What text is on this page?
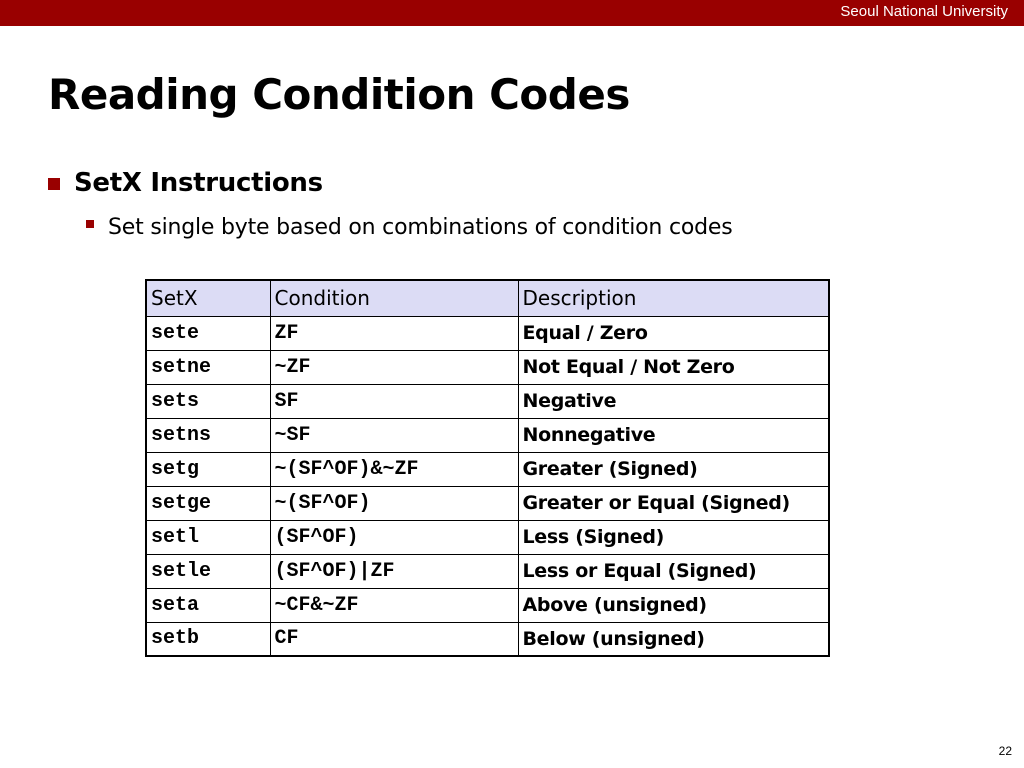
Seoul National University
Reading Condition Codes
SetX Instructions
Set single byte based on combinations of condition codes
SetX	Condition	Description
sete	ZF	Equal / Zero
setne	~ZF	Not Equal / Not Zero
sets	SF	Negative
setns	~SF	Nonnegative
setg	~(SF^OF)&~ZF	Greater (Signed)
setge	~(SF^OF)	Greater or Equal (Signed)
setl	(SF^OF)	Less (Signed)
setle	(SF^OF)|ZF	Less or Equal (Signed)
seta	~CF&~ZF	Above (unsigned)
setb	CF	Below (unsigned)
22
